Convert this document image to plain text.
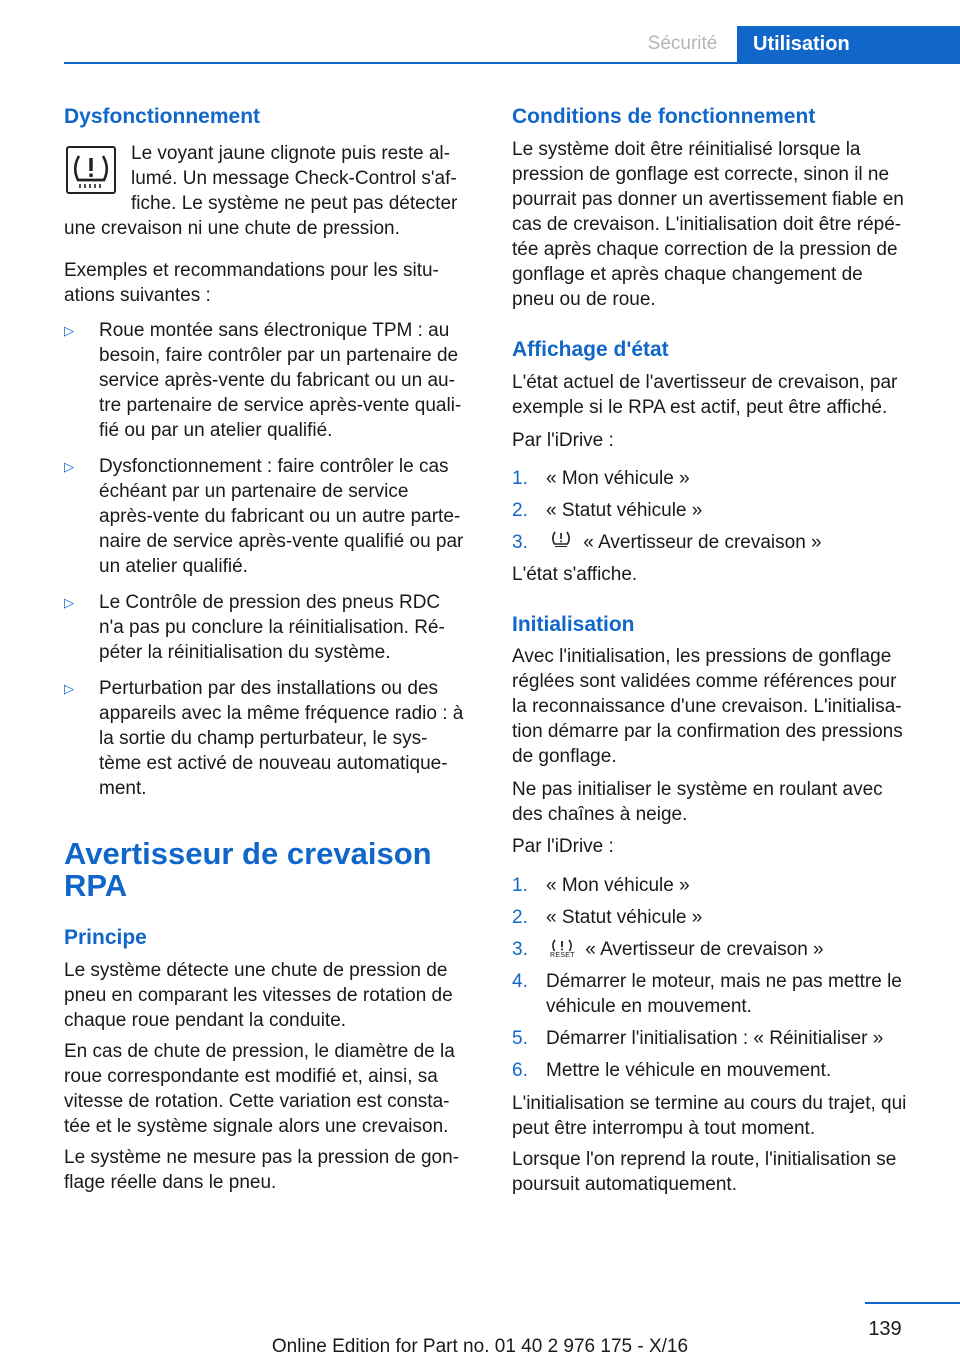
Sécurité	Utilisation
Dysfonctionnement

Le voyant jaune clignote puis reste al-

lumé. Un message Check-Control s'af-

fiche. Le système ne peut pas détecter

une crevaison ni une chute de pression.

Exemples et recommandations pour les situ-

ations suivantes :

▷ Roue montée sans électronique TPM : au

besoin, faire contrôler par un partenaire de

service après-vente du fabricant ou un au-

tre partenaire de service après-vente quali-

fié ou par un atelier qualifié.

▷ Dysfonctionnement : faire contrôler le cas

échéant par un partenaire de service

après-vente du fabricant ou un autre parte-

naire de service après-vente qualifié ou par

un atelier qualifié.

▷ Le Contrôle de pression des pneus RDC

n'a pas pu conclure la réinitialisation. Ré-

péter la réinitialisation du système.

▷ Perturbation par des installations ou des

appareils avec la même fréquence radio : à

la sortie du champ perturbateur, le sys-

tème est activé de nouveau automatique-

ment.

Avertisseur de crevaison
RPA
Principe

Le système détecte une chute de pression de

pneu en comparant les vitesses de rotation de

chaque roue pendant la conduite.

En cas de chute de pression, le diamètre de la

roue correspondante est modifié et, ainsi, sa

vitesse de rotation. Cette variation est consta-

tée et le système signale alors une crevaison.

Le système ne mesure pas la pression de gon-

flage réelle dans le pneu.

Conditions de fonctionnement

Le système doit être réinitialisé lorsque la

pression de gonflage est correcte, sinon il ne

pourrait pas donner un avertissement fiable en

cas de crevaison. L'initialisation doit être répé-

tée après chaque correction de la pression de

gonflage et après chaque changement de

pneu ou de roue.

Affichage d'état

L'état actuel de l'avertisseur de crevaison, par

exemple si le RPA est actif, peut être affiché.

Par l'iDrive :

1. « Mon véhicule »
2. « Statut véhicule »
3.	« Avertisseur de crevaison »

L'état s'affiche.

Initialisation

Avec l'initialisation, les pressions de gonflage

réglées sont validées comme références pour

la reconnaissance d'une crevaison. L'initialisa-

tion démarre par la confirmation des pressions

de gonflage.

Ne pas initialiser le système en roulant avec

des chaînes à neige.

Par l'iDrive :

1. « Mon véhicule »
2. « Statut véhicule »
3.	RESET « Avertisseur de crevaison »
4. Démarrer le moteur, mais ne pas mettre le

véhicule en mouvement.

5. Démarrer l'initialisation : « Réinitialiser »
6. Mettre le véhicule en mouvement.

L'initialisation se termine au cours du trajet, qui

peut être interrompu à tout moment.

Lorsque l'on reprend la route, l'initialisation se

poursuit automatiquement.

139
Online Edition for Part no. 01 40 2 976 175 - X/16
